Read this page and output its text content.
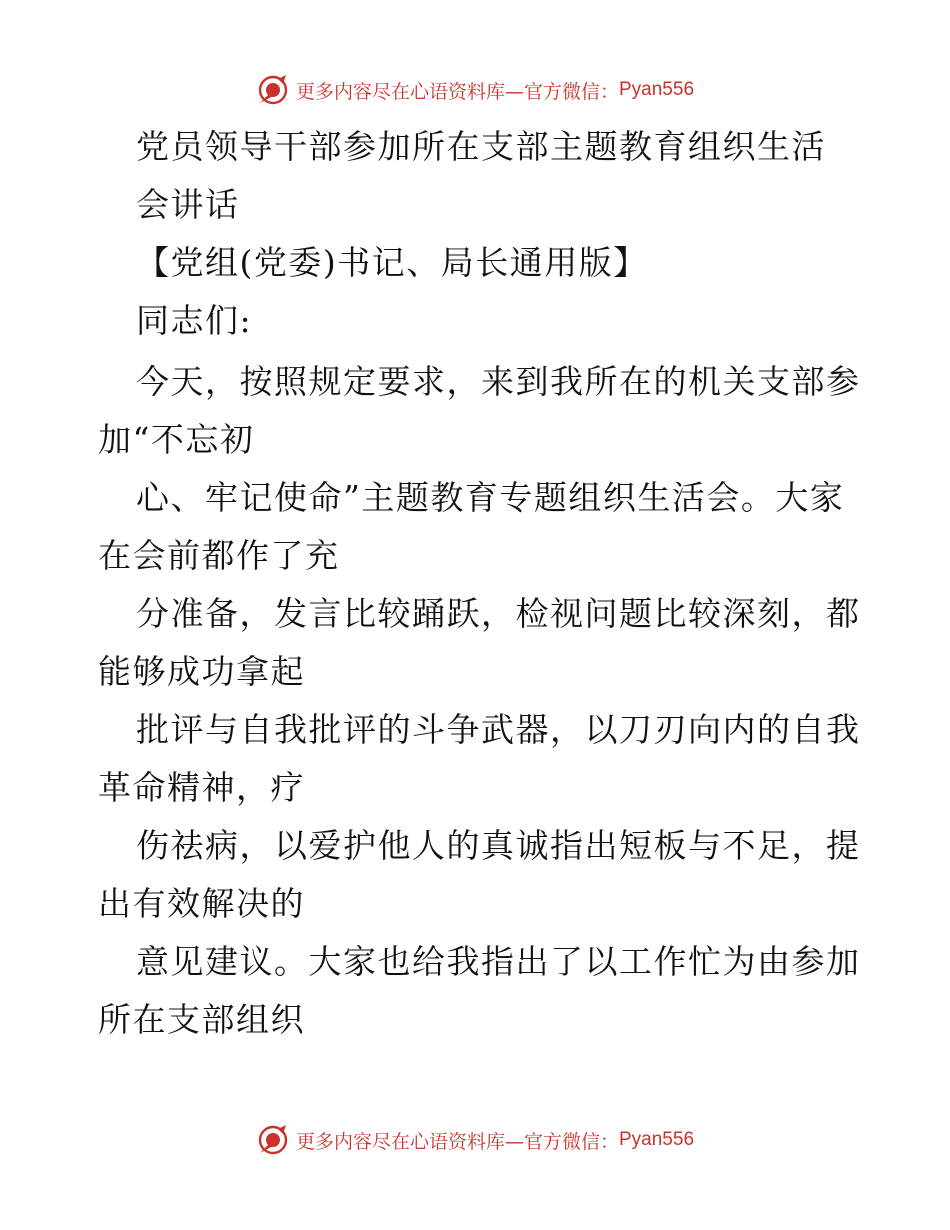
更多内容尽在心语资料库—官方微信： Pyan556
党员领导干部参加所在支部主题教育组织生活
会讲话
【党组(党委)书记、局长通用版】
同志们:
今天，按照规定要求，来到我所在的机关支部参
加“不忘初
心、牢记使命”主题教育专题组织生活会。大家
在会前都作了充
分准备，发言比较踊跃，检视问题比较深刻，都
能够成功拿起
批评与自我批评的斗争武器，以刀刃向内的自我
革命精神，疗
伤祛病，以爱护他人的真诚指出短板与不足，提
出有效解决的
意见建议。大家也给我指出了以工作忙为由参加
所在支部组织
更多内容尽在心语资料库—官方微信： Pyan556
